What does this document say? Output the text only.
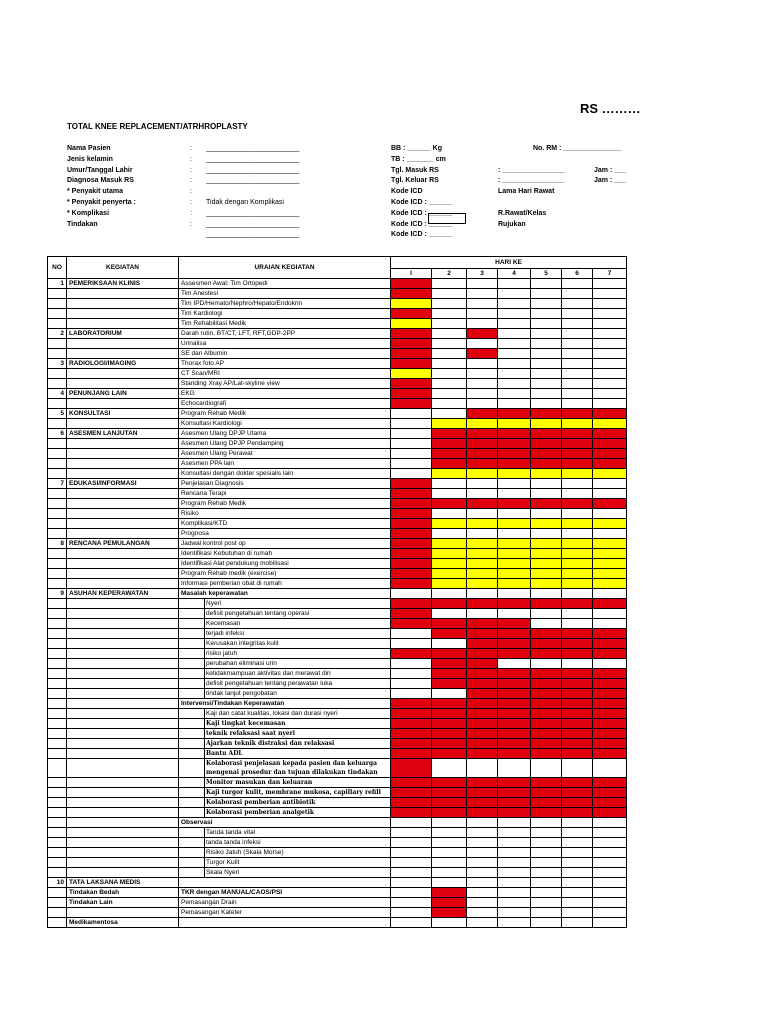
RS ………
TOTAL KNEE REPLACEMENT/ATRHROPLASTY
Nama Pasien	: ________________________
Jenis kelamin	: ________________________
Umur/Tanggal Lahir	: ________________________
Diagnosa Masuk RS	: ________________________
* Penyakit utama	:
* Penyakit penyerta :	: Tidak dengan Komplikasi
* Komplikasi	: ________________________
Tindakan	: ________________________
________________________
BB : ______ Kg
TB : _______ cm
Tgl. Masuk RS
Tgl. Keluar RS
Kode ICD
Kode ICD : ______
Kode ICD : ______
Kode ICD : ______
Kode ICD : ______
No. RM : _______________
: ________________
: ________________
Lama Hari Rawat
R.Rawat/Kelas
Rujukan
Jam : ___
Jam : ___
NO	KEGIATAN	URAIAN KEGIATAN	HARI KE						
			I	2	3	4	5	6	7
1	PEMERIKSAAN KLINIS	Assesmen Awal: Tim Ortopedi							
		Tim Anestesi							
		Tim IPD/Hemato/Nephro/Hepato/Endokrin							
		Tim Kardiologi							
		Tim Rehabilitasi Medik							
2	LABORATORIUM	Darah rutin, BT/CT, LFT, RFT,GDP-2PP							
		Urinalisa							
		SE dan Albumin							
3	RADIOLOGI/IMAGING	Thorax foto AP							
		CT Scan/MRI							
		Standing Xray AP/Lat-skyline view							
4	PENUNJANG LAIN	EKG							
		Echocardiografi							
5	KONSULTASI	Program Rehab Medik							
		Konsultasi Kardiologi							
6	ASESMEN LANJUTAN	Asesmen Ulang DPJP Utama							
		Asesmen Ulang DPJP Pendamping							
		Asesmen Ulang Perawat							
		Asesmen PPA lain							
		Konsultasi dengan dokter spesialis lain							
7	EDUKASI/INFORMASI	Penjelasan Diagnosis							
		Rencana Terapi							
		Program Rehab Medik							
		Risiko							
		Komplikasi/KTD							
		Prognosa							
8	RENCANA PEMULANGAN	Jadwal kontrol post op							
		Identifikasi Kebutuhan di rumah							
		Identifikasi Alat pendukung mobilisasi							
		Program Rehab medik (exercise)							
		Informasi pemberian obat di rumah							
9	ASUHAN KEPERAWATAN	Masalah keperawatan							
		Nyeri							
		defisit pengetahuan tentang operasi							
		Kecemasan							
		terjadi infeksi							
		Kerusakan integritas kulit							
		risiko jatuh							
		perubahan eliminasi urin							
		ketidakmampuan aktivitas dan merawat diri							
		defisit pengetahuan tentang perawatan luka							
		tindak lanjut pengobatan							
		Intervensi/Tindakan Keperawatan							
		Kaji dan catat kualitas, lokasi dan durasi nyeri							
		Kaji tingkat kecemasan							
		teknik relaksasi saat nyeri							
		Ajarkan teknik distraksi dan relaksasi							
		Bantu ADL							
		Kolaborasi penjelasan kepada pasien dan keluarga mengenai prosedur dan tujuan dilakukan tindakan							
		Monitor masukan dan keluaran							
		Kaji turgor kulit, membrane mukosa, capillary refill							
		Kolaborasi pemberian antibiotik							
		Kolaborasi pemberian analgetik							
		Observasi							
		Tanda tanda vital							
		tanda tanda infeksi							
		Risiko Jatuh (Skala Morse)							
		Turgor Kulit							
		Skala Nyeri							
10	TATA LAKSANA MEDIS								
	Tindakan Bedah	TKR dengan MANUAL/CAOS/PSI							
	Tindakan Lain	Pemasangan Drain							
		Pemasangan Kateter							
	Medikamentosa								
